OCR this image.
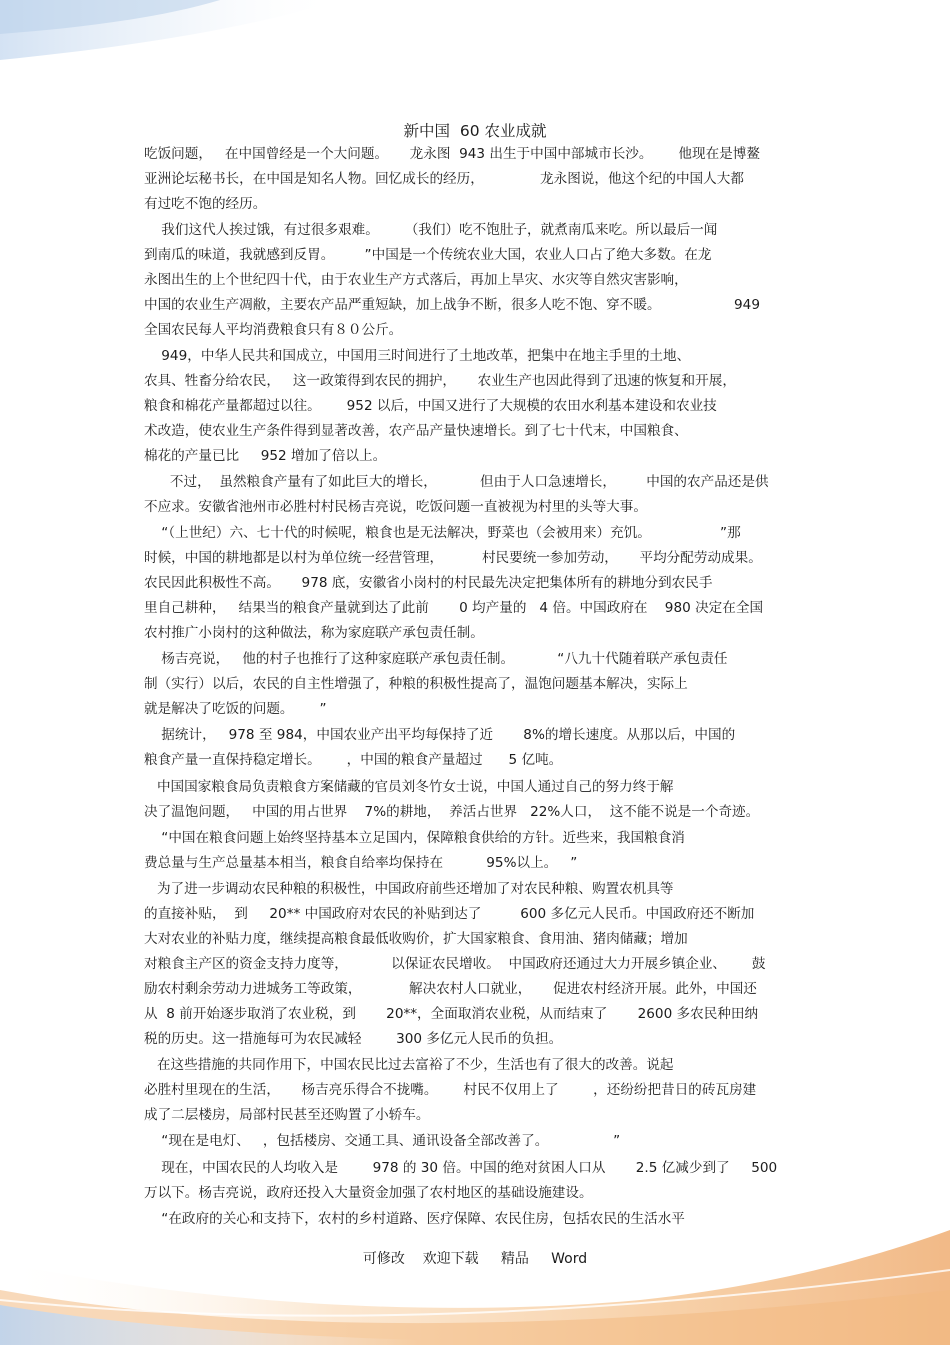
新中国  60 农业成就
吃饭问题，   在中国曾经是一个大问题。     龙永图  943 出生于中国中部城市长沙。      他现在是博鳌
亚洲论坛秘书长，在中国是知名人物。回忆成长的经历，             龙永图说，他这个纪的中国人大都
有过吃不饱的经历。
我们这代人挨过饿，有过很多艰难。      （我们）吃不饱肚子，就煮南瓜来吃。所以最后一闻
到南瓜的味道，我就感到反胃。       ”中国是一个传统农业大国，农业人口占了绝大多数。在龙
永图出生的上个世纪四十代，由于农业生产方式落后，再加上旱灾、水灾等自然灾害影响，
中国的农业生产凋敝，主要农产品严重短缺，加上战争不断，很多人吃不饱、穿不暖。                 949
全国农民每人平均消费粮食只有８０公斤。
949，中华人民共和国成立，中国用三时间进行了土地改革，把集中在地主手里的土地、
农具、牲畜分给农民，   这一政策得到农民的拥护，     农业生产也因此得到了迅速的恢复和开展，
粮食和棉花产量都超过以往。      952 以后，中国又进行了大规模的农田水利基本建设和农业技
术改造，使农业生产条件得到显著改善，农产品产量快速增长。到了七十代末，中国粮食、
棉花的产量已比     952 增加了倍以上。
不过，  虽然粮食产量有了如此巨大的增长，          但由于人口急速增长，       中国的农产品还是供
不应求。安徽省池州市必胜村村民杨吉亮说，吃饭问题一直被视为村里的头等大事。
“（上世纪）六、七十代的时候呢，粮食也是无法解决，野菜也（会被用来）充饥。                ”那
时候，中国的耕地都是以村为单位统一经营管理，         村民要统一参加劳动，     平均分配劳动成果。
农民因此积极性不高。     978 底，安徽省小岗村的村民最先决定把集体所有的耕地分到农民手
里自己耕种，   结果当的粮食产量就到达了此前       0 均产量的   4 倍。中国政府在    980 决定在全国
农村推广小岗村的这种做法，称为家庭联产承包责任制。
杨吉亮说，   他的村子也推行了这种家庭联产承包责任制。          “八九十代随着联产承包责任
制（实行）以后，农民的自主性增强了，种粮的积极性提高了，温饱问题基本解决，实际上
就是解决了吃饭的问题。      ”
据统计，   978 至 984，中国农业产出平均每保持了近       8%的增长速度。从那以后，中国的
粮食产量一直保持稳定增长。      ，中国的粮食产量超过      5 亿吨。
中国国家粮食局负责粮食方案储藏的官员刘冬竹女士说，中国人通过自己的努力终于解
决了温饱问题，   中国的用占世界    7%的耕地，  养活占世界   22%人口，  这不能不说是一个奇迹。
“中国在粮食问题上始终坚持基本立足国内，保障粮食供给的方针。近些来，我国粮食消
费总量与生产总量基本相当，粮食自给率均保持在          95%以上。   ”
为了进一步调动农民种粮的积极性，中国政府前些还增加了对农民种粮、购置农机具等
的直接补贴，  到     20** 中国政府对农民的补贴到达了         600 多亿元人民币。中国政府还不断加
大对农业的补贴力度，继续提高粮食最低收购价，扩大国家粮食、食用油、猪肉储藏；增加
对粮食主产区的资金支持力度等，          以保证农民增收。  中国政府还通过大力开展乡镇企业、      鼓
励农村剩余劳动力进城务工等政策，           解决农村人口就业，     促进农村经济开展。此外，中国还
从  8 前开始逐步取消了农业税，到       20**，全面取消农业税，从而结束了       2600 多农民种田纳
税的历史。这一措施每可为农民减轻        300 多亿元人民币的负担。
在这些措施的共同作用下，中国农民比过去富裕了不少，生活也有了很大的改善。说起
必胜村里现在的生活，     杨吉亮乐得合不拢嘴。      村民不仅用上了        ，还纷纷把昔日的砖瓦房建
成了二层楼房，局部村民甚至还购置了小轿车。
“现在是电灯、   ，包括楼房、交通工具、通讯设备全部改善了。               ”
现在，中国农民的人均收入是        978 的 30 倍。中国的绝对贫困人口从       2.5 亿减少到了     500
万以下。杨吉亮说，政府还投入大量资金加强了农村地区的基础设施建设。
“在政府的关心和支持下，农村的乡村道路、医疗保障、农民住房，包括农民的生活水平
可修改    欢迎下载     精品     Word
